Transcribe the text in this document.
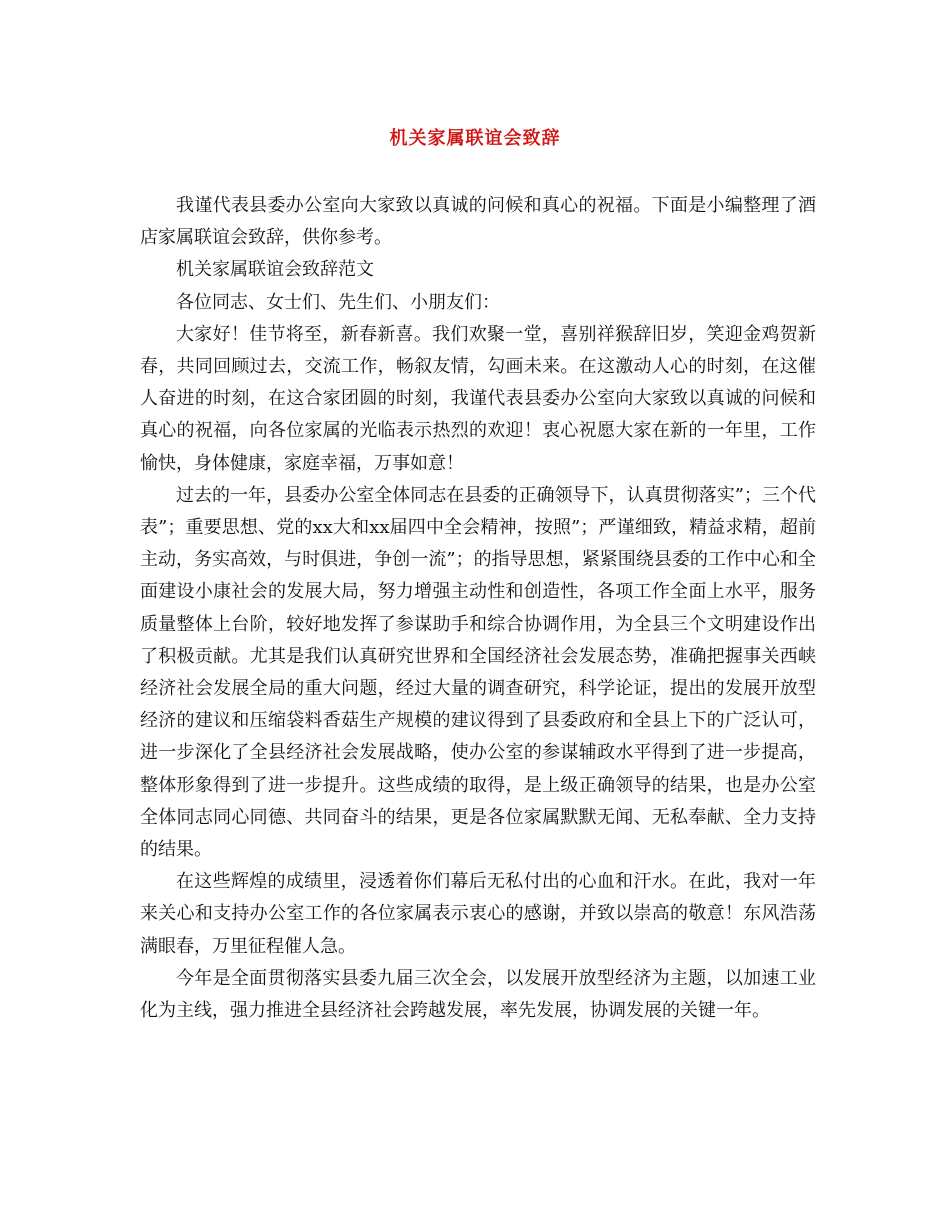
机关家属联谊会致辞

我谨代表县委办公室向大家致以真诚的问候和真心的祝福。下面是小编整理了酒店家属联谊会致辞，供你参考。

机关家属联谊会致辞范文

各位同志、女士们、先生们、小朋友们：

大家好！佳节将至，新春新喜。我们欢聚一堂，喜别祥猴辞旧岁，笑迎金鸡贺新春，共同回顾过去，交流工作，畅叙友情，勾画未来。在这激动人心的时刻，在这催人奋进的时刻，在这合家团圆的时刻，我谨代表县委办公室向大家致以真诚的问候和真心的祝福，向各位家属的光临表示热烈的欢迎！衷心祝愿大家在新的一年里，工作愉快，身体健康，家庭幸福，万事如意！

过去的一年，县委办公室全体同志在县委的正确领导下，认真贯彻落实”；三个代表”；重要思想、党的xx大和xx届四中全会精神，按照”；严谨细致，精益求精，超前主动，务实高效，与时俱进，争创一流”；的指导思想，紧紧围绕县委的工作中心和全面建设小康社会的发展大局，努力增强主动性和创造性，各项工作全面上水平，服务质量整体上台阶，较好地发挥了参谋助手和综合协调作用，为全县三个文明建设作出了积极贡献。尤其是我们认真研究世界和全国经济社会发展态势，准确把握事关西峡经济社会发展全局的重大问题，经过大量的调查研究，科学论证，提出的发展开放型经济的建议和压缩袋料香菇生产规模的建议得到了县委政府和全县上下的广泛认可，进一步深化了全县经济社会发展战略，使办公室的参谋辅政水平得到了进一步提高，整体形象得到了进一步提升。这些成绩的取得，是上级正确领导的结果，也是办公室全体同志同心同德、共同奋斗的结果，更是各位家属默默无闻、无私奉献、全力支持的结果。

在这些辉煌的成绩里，浸透着你们幕后无私付出的心血和汗水。在此，我对一年来关心和支持办公室工作的各位家属表示衷心的感谢，并致以崇高的敬意！东风浩荡满眼春，万里征程催人急。

今年是全面贯彻落实县委九届三次全会，以发展开放型经济为主题，以加速工业化为主线，强力推进全县经济社会跨越发展，率先发展，协调发展的关键一年。
